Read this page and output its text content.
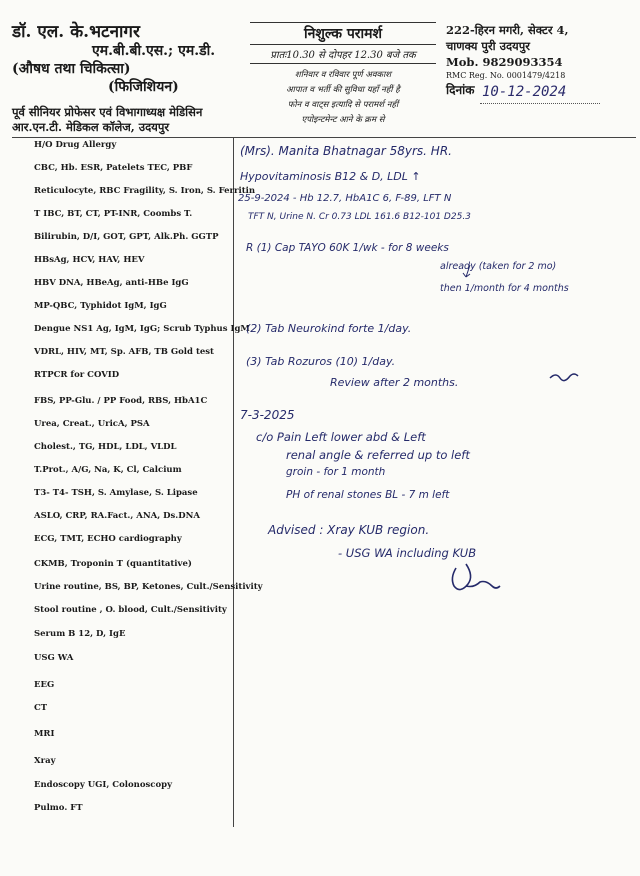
डॉ. एल. के.भटनागर
एम.बी.बी.एस.; एम.डी.
(औषध तथा चिकित्सा)
(फिजिशियन)
पूर्व सीनियर प्रोफेसर एवं विभागाध्यक्ष मेडिसिन
आर.एन.टी. मेडिकल कॉलेज, उदयपुर
निशुल्क परामर्श
प्रातः10.30 से दोपहर 12.30 बजे तक
शनिवार व रविवार पूर्ण अवकाश
आपात व भर्ती की सुविधा यहाँ नहीं है
फोन व वाट्स इत्यादि से परामर्श नहीं
एपोइन्टमेन्ट आने के क्रम से
222-हिरन मगरी, सेक्टर 4,
चाणक्य पुरी उदयपुर
Mob. 9829093354
RMC Reg. No. 0001479/4218
दिनांक 10-12-2024
H/O Drug Allergy
CBC, Hb. ESR, Patelets TEC, PBF
Reticulocyte, RBC Fragility, S. Iron, S. Ferritin
T IBC, BT, CT, PT-INR, Coombs T.
Bilirubin, D/I, GOT, GPT, Alk.Ph. GGTP
HBsAg, HCV, HAV, HEV
HBV DNA, HBeAg, anti-HBe IgG
MP-QBC, Typhidot IgM, IgG
Dengue NS1 Ag, IgM, IgG; Scrub Typhus IgM
VDRL, HIV, MT, Sp. AFB, TB Gold test
RTPCR for COVID
FBS, PP-Glu. / PP Food, RBS, HbA1C
Urea, Creat., UricA, PSA
Cholest., TG, HDL, LDL, VLDL
T.Prot., A/G, Na, K, Cl, Calcium
T3- T4- TSH, S. Amylase, S. Lipase
ASLO, CRP, RA.Fact., ANA, Ds.DNA
ECG, TMT, ECHO cardiography
CKMB, Troponin T (quantitative)
Urine routine, BS, BP, Ketones, Cult./Sensitivity
Stool routine , O. blood, Cult./Sensitivity
Serum B 12, D, IgE
USG WA
EEG
CT
MRI
Xray
Endoscopy UGI, Colonoscopy
Pulmo. FT
(Mrs). Manita Bhatnagar 58yrs. HR.
Hypovitaminosis B12 & D, LDL ↑
25-9-2024 - Hb 12.7, HbA1C 6, F-89, LFT N
TFT N, Urine N. Cr 0.73 LDL 161.6 B12-101 D25.3
R (1) Cap TAYO 60K 1/wk - for 8 weeks
already (taken for 2 mo)
then 1/month for 4 months
(2) Tab Neurokind forte 1/day.
(3) Tab Rozuros (10) 1/day.
Review after 2 months.
7-3-2025
c/o Pain Left lower abd & Left
renal angle & referred up to left
groin - for 1 month
PH of renal stones BL - 7 m left
Advised : Xray KUB region.
- USG WA including KUB
